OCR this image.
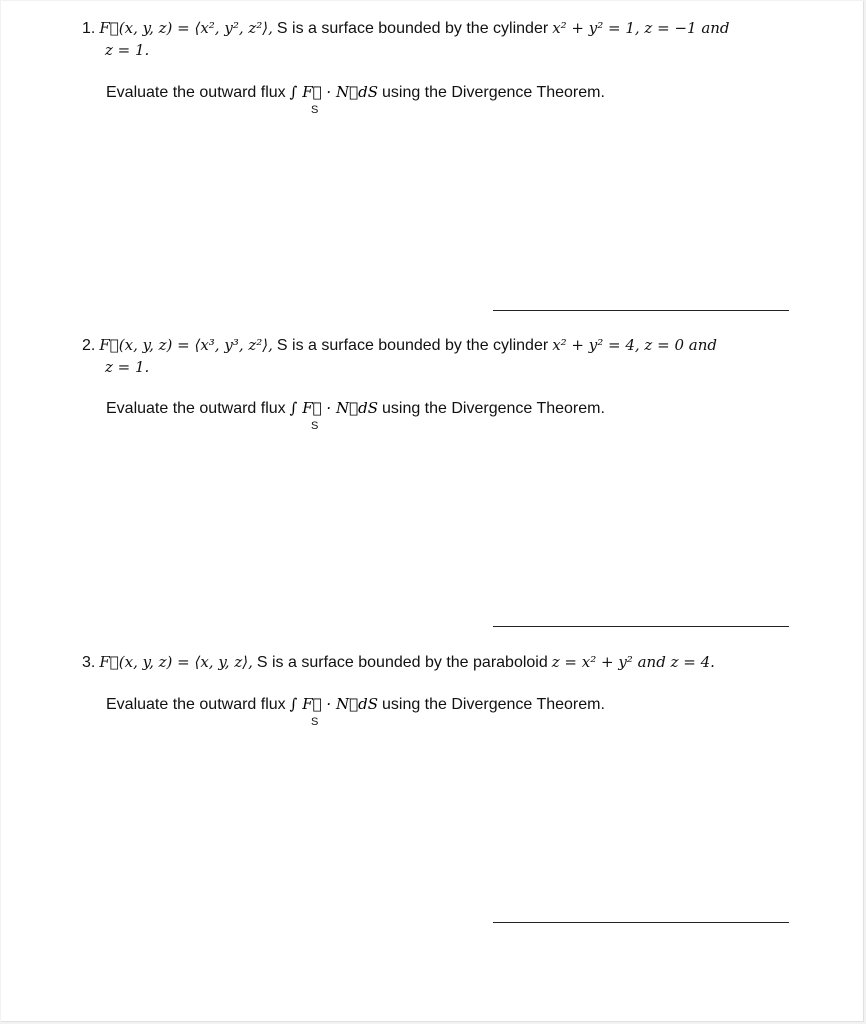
1. F⃗(x, y, z) = ⟨x², y², z²⟩, S is a surface bounded by the cylinder x² + y² = 1, z = −1 and
z = 1.
Evaluate the outward flux ∫ F⃗ · N⃗dS using the Divergence Theorem.
S
2. F⃗(x, y, z) = ⟨x³, y³, z²⟩, S is a surface bounded by the cylinder x² + y² = 4, z = 0 and
z = 1.
Evaluate the outward flux ∫ F⃗ · N⃗dS using the Divergence Theorem.
S
3. F⃗(x, y, z) = ⟨x, y, z⟩, S is a surface bounded by the paraboloid z = x² + y² and z = 4.
Evaluate the outward flux ∫ F⃗ · N⃗dS using the Divergence Theorem.
S
